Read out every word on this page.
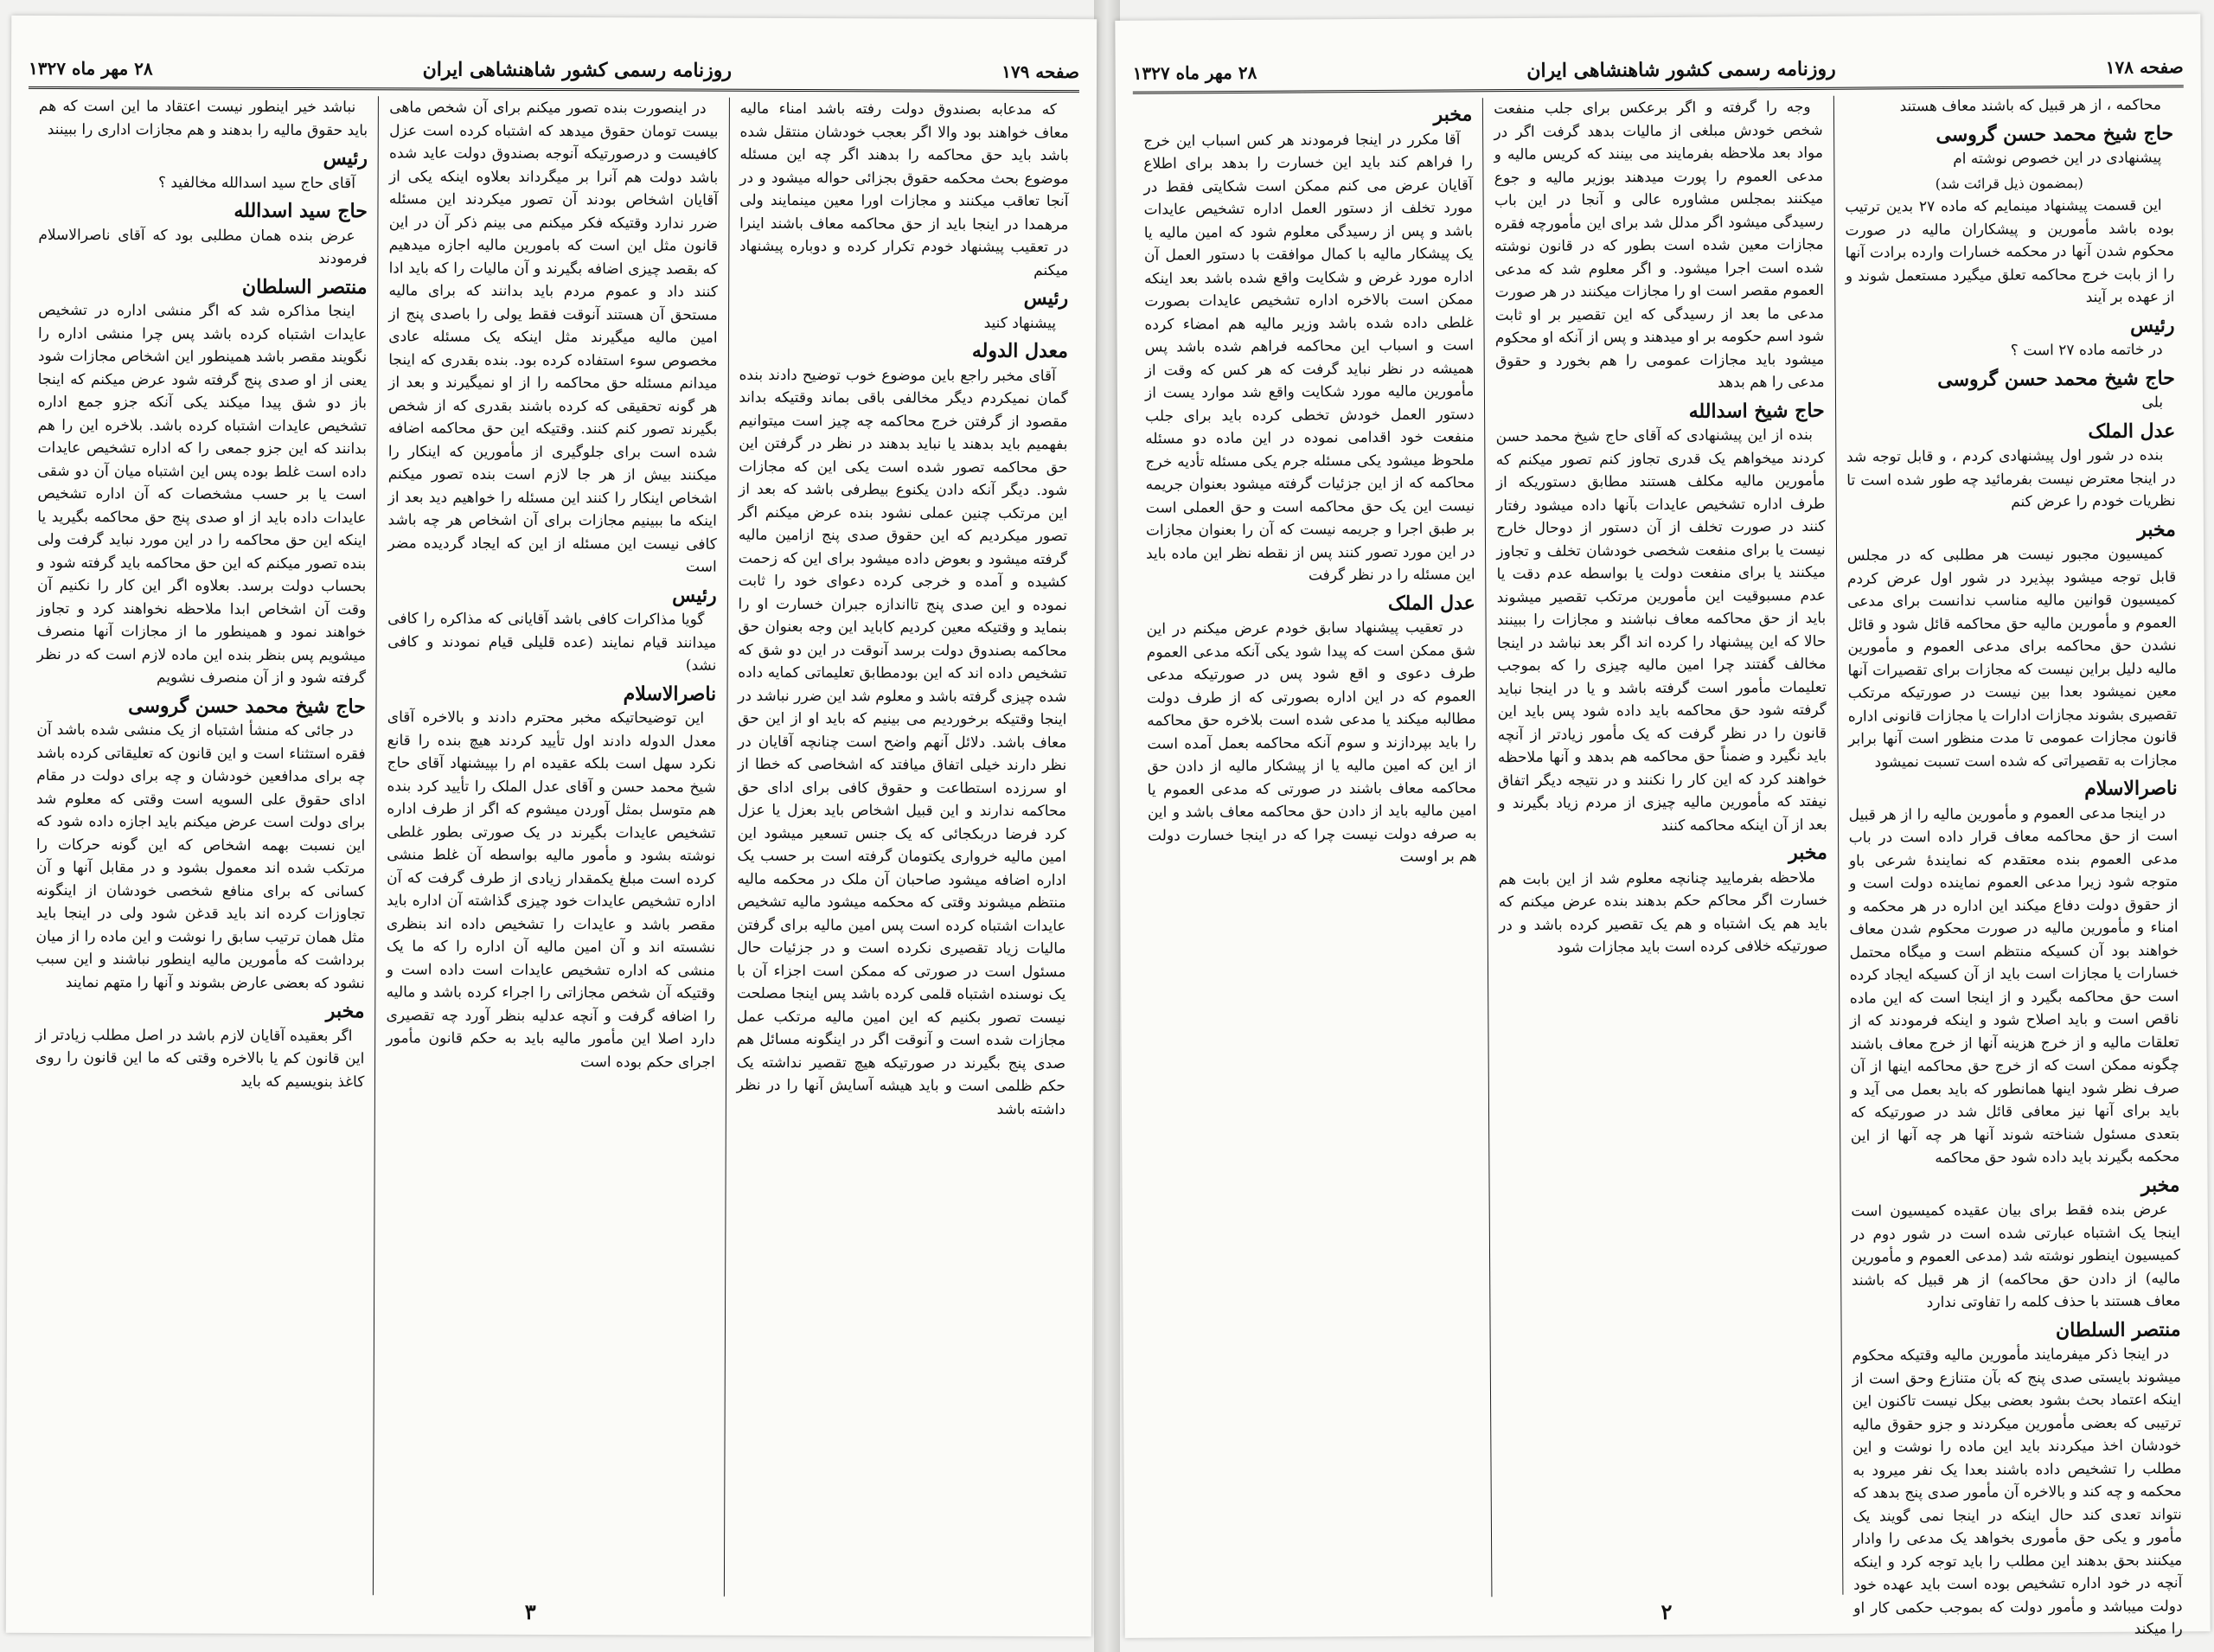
صفحه ۱۷۹
روزنامه رسمی کشور شاهنشاهی ایران
۲۸ مهر ماه ۱۳۲۷

که مدعابه بصندوق دولت رفته باشد امناء مالیه معاف خواهند بود والا اگر بعجب خودشان منتقل شده باشد باید حق محاکمه را بدهند اگر چه این مسئله موضوع بحث محکمه حقوق بجزائی حواله میشود و در آنجا تعاقب میکنند و مجازات اورا معین مینمایند ولی مرهمدا در اینجا باید از حق محاکمه معاف باشند اینرا در تعقیب پیشنهاد خودم تکرار کرده و دوباره پیشنهاد میکنم

رئیس

پیشنهاد کنید

معدل الدوله

آقای مخبر راجع باین موضوع خوب توضیح دادند بنده گمان نمیکردم دیگر مخالفی باقی بماند وقتیکه بداند مقصود از گرفتن خرج محاکمه چه چیز است میتوانیم بفهمیم باید بدهند یا نباید بدهند در نظر در گرفتن این حق محاکمه تصور شده است یکی این که مجازات شود. دیگر آنکه دادن یکنوع بیطرفی باشد که بعد از این مرتکب چنین عملی نشود بنده عرض میکنم اگر تصور میکردیم که این حقوق صدی پنج ازامین مالیه گرفته میشود و بعوض داده میشود برای این که زحمت کشیده و آمده و خرجی کرده دعوای خود را ثابت نموده و این صدی پنج تااندازه جبران خسارت او را بنماید و وقتیکه معین کردیم کاباید این وجه بعنوان حق محاکمه بصندوق دولت برسد آنوقت در این دو شق که تشخیص داده اند که این بودمطابق تعلیماتی کمایه داده شده چیزی گرفته باشد و معلوم شد این ضرر نباشد در اینجا وقتیکه برخوردیم می بینیم که باید او از این حق معاف باشد. دلائل آنهم واضح است چنانچه آقایان در نظر دارند خیلی اتفاق میافتد که اشخاصی که خطا از او سرزده استطاعت و حقوق کافی برای ادای حق محاکمه ندارند و این قبیل اشخاص باید بعزل یا عزل کرد فرضا دربکجائی که یک جنس تسعیر میشود این امین مالیه خرواری یکتومان گرفته است بر حسب یک اداره اضافه میشود صاحبان آن ملک در محکمه مالیه منتظم میشوند وقتی که محکمه میشود مالیه تشخیص عایدات اشتباه کرده است پس امین مالیه برای گرفتن مالیات زیاد تقصیری نکرده است و در جزئیات حال مسئول است در صورتی که ممکن است اجزاء آن با یک نوسنده اشتباه قلمی کرده باشد پس اینجا مصلحت نیست تصور بکنیم که این امین مالیه مرتکب عمل مجازات شده است و آنوقت اگر در اینگونه مسائل هم صدی پنج بگیرند در صورتیکه هیچ تقصیر نداشته یک حکم ظلمی است و باید هیشه آسایش آنها را در نظر داشته باشد

در اینصورت بنده تصور میکنم برای آن شخص ماهی بیست تومان حقوق میدهد که اشتباه کرده است عزل کافیست و درصورتیکه آنوجه بصندوق دولت عاید شده باشد دولت هم آنرا بر میگرداند بعلاوه اینکه یکی از آقایان اشخاص بودند آن تصور میکردند این مسئله ضرر ندارد وقتیکه فکر میکنم می بینم ذکر آن در این قانون مثل این است که بامورین مالیه اجازه میدهیم که بقصد چیزی اضافه بگیرند و آن مالیات را که باید ادا کنند داد و عموم مردم باید بدانند که برای مالیه مستحق آن هستند آنوقت فقط یولی را باصدی پنج از امین مالیه میگیرند مثل اینکه یک مسئله عادی مخصوص سوء استفاده کرده بود. بنده بقدری که اینجا میدانم مسئله حق محاکمه را از او نمیگیرند و بعد از هر گونه تحقیقی که کرده باشند بقدری که از شخص بگیرند تصور کنم کنند. وقتیکه این حق محاکمه اضافه شده است برای جلوگیری از مأمورین که اینکار را میکنند بیش از هر جا لازم است بنده تصور میکنم اشخاص اینکار را کنند این مسئله را خواهیم دید بعد از اینکه ما ببینیم مجازات برای آن اشخاص هر چه باشد کافی نیست این مسئله از این که ایجاد گردیده مضر است

رئیس

گویا مذاکرات کافی باشد آقایانی که مذاکره را کافی میدانند قیام نمایند (عده قلیلی قیام نمودند و کافی نشد)

ناصرالاسلام

این توضیحاتیکه مخبر محترم دادند و بالاخره آقای معدل الدوله دادند اول تأیید کردند هیچ بنده را قانع نکرد سهل است بلکه عقیده ام را بپیشنهاد آقای حاج شیخ محمد حسن و آقای عدل الملک را تأیید کرد بنده هم متوسل بمثل آوردن میشوم که اگر از طرف اداره تشخیص عایدات بگیرند در یک صورتی بطور غلطی نوشته بشود و مأمور مالیه بواسطه آن غلط منشی کرده است مبلغ یکمقدار زیادی از طرف گرفت که آن اداره تشخیص عایدات خود چیزی گذاشته آن اداره باید مقصر باشد و عایدات را تشخیص داده اند بنظری نشسته اند و آن امین مالیه آن اداره را که ما یک منشی که اداره تشخیص عایدات است داده است و وقتیکه آن شخص مجازاتی را اجراء کرده باشد و مالیه را اضافه گرفت و آنچه عدلیه بنظر آورد چه تقصیری دارد اصلا این مأمور مالیه باید به حکم قانون مأمور اجرای حکم بوده است

نباشد خیر اینطور نیست اعتقاد ما این است که هم باید حقوق مالیه را بدهند و هم مجازات اداری را ببینند

رئیس

آقای حاج سید اسدالله مخالفید ؟

حاج سید اسدالله

عرض بنده همان مطلبی بود که آقای ناصرالاسلام فرمودند

منتصر السلطان

اینجا مذاکره شد که اگر منشی اداره در تشخیص عایدات اشتباه کرده باشد پس چرا منشی اداره را نگویند مقصر باشد همینطور این اشخاص مجازات شود یعنی از او صدی پنج گرفته شود عرض میکنم که اینجا باز دو شق پیدا میکند یکی آنکه جزو جمع اداره تشخیص عایدات اشتباه کرده باشد. بلاخره این را هم بدانند که این جزو جمعی را که اداره تشخیص عایدات داده است غلط بوده پس این اشتباه میان آن دو شقی است یا بر حسب مشخصات که آن اداره تشخیص عایدات داده باید از او صدی پنج حق محاکمه بگیرید یا اینکه این حق محاکمه را در این مورد نباید گرفت ولی بنده تصور میکنم که این حق محاکمه باید گرفته شود و بحساب دولت برسد. بعلاوه اگر این کار را نکنیم آن وقت آن اشخاص ابدا ملاحظه نخواهند کرد و تجاوز خواهند نمود و همینطور ما از مجازات آنها منصرف میشویم پس بنظر بنده این ماده لازم است که در نظر گرفته شود و از آن منصرف نشویم

حاج شیخ محمد حسن گروسی

در جائی که منشأ اشتباه از یک منشی شده باشد آن فقره استثناء است و این قانون که تعلیقاتی کرده باشد چه برای مدافعین خودشان و چه برای دولت در مقام ادای حقوق علی السویه است وقتی که معلوم شد برای دولت است عرض میکنم باید اجازه داده شود که این نسبت بهمه اشخاص که این گونه حرکات را مرتکب شده اند معمول بشود و در مقابل آنها و آن کسانی که برای منافع شخصی خودشان از اینگونه تجاوزات کرده اند باید قدغن شود ولی در اینجا باید مثل همان ترتیب سابق را نوشت و این ماده را از میان برداشت که مأمورین مالیه اینطور نباشند و این سبب نشود که بعضی عارض بشوند و آنها را متهم نمایند

مخبر

اگر بعقیده آقایان لازم باشد در اصل مطلب زیادتر از این قانون کم یا بالاخره وقتی که ما این قانون را روی کاغذ بنویسیم که باید

۳
صفحه ۱۷۸
روزنامه رسمی کشور شاهنشاهی ایران
۲۸ مهر ماه ۱۳۲۷

محاکمه ، از هر قبیل که باشند معاف هستند

حاج شیخ محمد حسن گروسی

پیشنهادی در این خصوص نوشته ام

(بمضمون ذیل قرائت شد)

این قسمت پیشنهاد مینمایم که ماده ۲۷ بدین ترتیب بوده باشد مأمورین و پیشکاران مالیه در صورت محکوم شدن آنها در محکمه خسارات وارده برادت آنها را از بابت خرج محاکمه تعلق میگیرد مستعمل شوند و از عهده بر آیند

رئیس

در خاتمه ماده ۲۷ است ؟

حاج شیخ محمد حسن گروسی

بلی

عدل الملک

بنده در شور اول پیشنهادی کردم ، و قابل توجه شد در اینجا معترض نیست بفرمائید چه طور شده است تا نظریات خودم را عرض کنم

مخبر

کمیسیون مجبور نیست هر مطلبی که در مجلس قابل توجه میشود بپذیرد در شور اول عرض کردم کمیسیون قوانین مالیه مناسب ندانست برای مدعی العموم و مأمورین مالیه حق محاکمه قائل شود و قائل نشدن حق محاکمه برای مدعی العموم و مأمورین مالیه دلیل براین نیست که مجازات برای تقصیرات آنها معین نمیشود بعدا بین نیست در صورتیکه مرتکب تقصیری بشوند مجازات ادارات یا مجازات قانونی اداره قانون مجازات عمومی تا مدت منظور است آنها برابر مجازات به تقصیراتی که شده است تسبت نمیشود

ناصرالاسلام

در اینجا مدعی العموم و مأمورین مالیه را از هر قبیل است از حق محاکمه معاف قرار داده است در باب مدعی العموم بنده معتقدم که نمایندهٔ شرعی باو متوجه شود زیرا مدعی العموم نماینده دولت است و از حقوق دولت دفاع میکند این اداره در هر محکمه و امناء و مأمورین مالیه در صورت محکوم شدن معاف خواهند بود آن کسیکه منتظم است و میگاه محتمل خسارات یا مجازات است باید از آن کسیکه ایجاد کرده است حق محاکمه بگیرد و از اینجا است که این ماده ناقص است و باید اصلاح شود و اینکه فرمودند که از تعلقات مالیه و از خرج هزینه آنها از خرج معاف باشند چگونه ممکن است که از خرج حق محاکمه اینها از آن صرف نظر شود اینها همانطور که باید بعمل می آید و باید برای آنها نیز معافی قائل شد در صورتیکه که بتعدی مسئول شناخته شوند آنها هر چه آنها از این محکمه بگیرند باید داده شود حق محاکمه

مخبر

عرض بنده فقط برای بیان عقیده کمیسیون است اینجا یک اشتباه عبارتی شده است در شور دوم در کمیسیون اینطور نوشته شد (مدعی العموم و مأمورین مالیه) از دادن حق محاکمه) از هر قبیل که باشند معاف هستند با حذف کلمه را تفاوتی ندارد

منتصر السلطان

در اینجا ذکر میفرمایند مأمورین مالیه وقتیکه محکوم میشوند بایستی صدی پنج که بآن متنازع وحق است از اینکه اعتماد بحث بشود بعضی بیکل نیست تاکنون این ترتیبی که بعضی مأمورین میکردند و جزو حقوق مالیه خودشان اخذ میکردند باید این ماده را نوشت و این مطلب را تشخیص داده باشند بعدا یک نفر میرود به محکمه و چه کند و بالاخره آن مأمور صدی پنج بدهد که نتواند تعدی کند حال اینکه در اینجا نمی گویند یک مأمور و یکی حق مأموری بخواهد یک مدعی را وادار میکنند بحق بدهند این مطلب را باید توجه کرد و اینکه آنچه در خود اداره تشخیص بوده است باید عهده خود دولت میباشد و مأمور دولت که بموجب حکمی کار او را میکند

وجه را گرفته و اگر برعکس برای جلب منفعت شخص خودش مبلغی از مالیات بدهد گرفت اگر در مواد بعد ملاحظه بفرمایند می بینند که کریس مالیه و مدعی العموم را پورت میدهند بوزیر مالیه و جوع میکنند بمجلس مشاوره عالی و آنجا در این باب رسیدگی میشود اگر مدلل شد برای این مأمورچه فقره مجازات معین شده است بطور که در قانون نوشته شده است اجرا میشود. و اگر معلوم شد که مدعی العموم مقصر است او را مجازات میکنند در هر صورت مدعی ما بعد از رسیدگی که این تقصیر بر او ثابت شود اسم حکومه بر او میدهند و پس از آنکه او محکوم میشود باید مجازات عمومی را هم بخورد و حقوق مدعی را هم بدهد

حاج شیخ اسدالله

بنده از این پیشنهادی که آقای حاج شیخ محمد حسن کردند میخواهم یک قدری تجاوز کنم تصور میکنم که مأمورین مالیه مکلف هستند مطابق دستوریکه از طرف اداره تشخیص عایدات بآنها داده میشود رفتار کنند در صورت تخلف از آن دستور از دوحال خارج نیست یا برای منفعت شخصی خودشان تخلف و تجاوز میکنند یا برای منفعت دولت یا بواسطه عدم دقت یا عدم مسبوقیت این مأمورین مرتکب تقصیر میشوند باید از حق محاکمه معاف نباشند و مجازات را ببینند حالا که این پیشنهاد را کرده اند اگر بعد نباشد در اینجا مخالف گفتند چرا امین مالیه چیزی را که بموجب تعلیمات مأمور است گرفته باشد و یا در اینجا نباید گرفته شود حق محاکمه باید داده شود پس باید این قانون را در نظر گرفت که یک مأمور زیادتر از آنچه باید نگیرد و ضمناً حق محاکمه هم بدهد و آنها ملاحظه خواهند کرد که این کار را نکنند و در نتیجه دیگر اتفاق نیفتد که مأمورین مالیه چیزی از مردم زیاد بگیرند و بعد از آن اینکه محاکمه کنند

مخبر

ملاحظه بفرمایید چنانچه معلوم شد از این بابت هم خسارت اگر محاکم حکم بدهند بنده عرض میکنم که باید هم یک اشتباه و هم یک تقصیر کرده باشد و در صورتیکه خلافی کرده است باید مجازات شود

مخبر

آقا مکرر در اینجا فرمودند هر کس اسباب این خرج را فراهم کند باید این خسارت را بدهد برای اطلاع آقایان عرض می کنم ممکن است شکایتی فقط در مورد تخلف از دستور العمل اداره تشخیص عایدات باشد و پس از رسیدگی معلوم شود که امین مالیه یا یک پیشکار مالیه با کمال موافقت با دستور العمل آن اداره مورد غرض و شکایت واقع شده باشد بعد اینکه ممکن است بالاخره اداره تشخیص عایدات بصورت غلطی داده شده باشد وزیر مالیه هم امضاء کرده است و اسباب این محاکمه فراهم شده باشد پس همیشه در نظر نباید گرفت که هر کس که وقت از مأمورین مالیه مورد شکایت واقع شد موارد یست از دستور العمل خودش تخطی کرده باید برای جلب منفعت خود اقدامی نموده در این ماده دو مسئله ملحوظ میشود یکی مسئله جرم یکی مسئله تأدیه خرج محاکمه که از این جزئیات گرفته میشود بعنوان جریمه نیست این یک حق محاکمه است و حق العملی است بر طبق اجرا و جریمه نیست که آن را بعنوان مجازات در این مورد تصور کنند پس از نقطه نظر این ماده باید این مسئله را در نظر گرفت

عدل الملک

در تعقیب پیشنهاد سابق خودم عرض میکنم در این شق ممکن است که پیدا شود یکی آنکه مدعی العموم طرف دعوی و اقع شود پس در صورتیکه مدعی العموم که در این اداره بصورتی که از طرف دولت مطالبه میکند یا مدعی شده است بلاخره حق محاکمه را باید بپردازند و سوم آنکه محاکمه بعمل آمده است از این که امین مالیه یا از پیشکار مالیه از دادن حق محاکمه معاف باشند در صورتی که مدعی العموم یا امین مالیه باید از دادن حق محاکمه معاف باشد و این به صرفه دولت نیست چرا که در اینجا خسارت دولت هم بر اوست

۲
